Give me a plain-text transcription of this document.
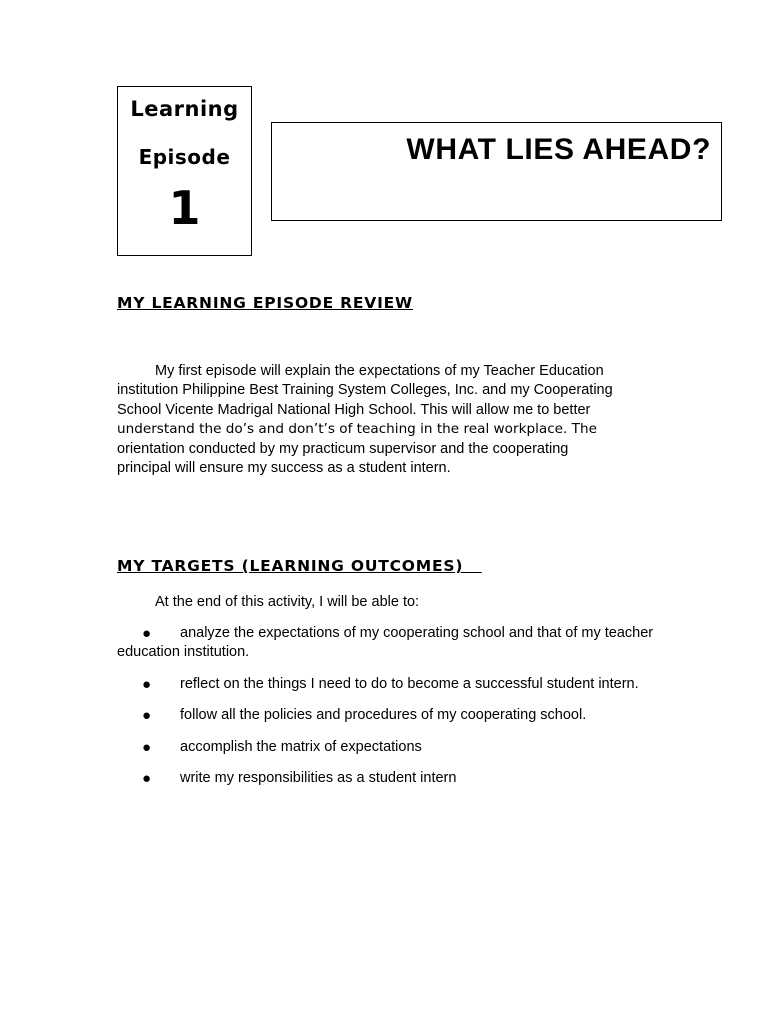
Learning
Episode
1
WHAT LIES AHEAD?
MY LEARNING EPISODE REVIEW
My first episode will explain the expectations of my Teacher Education
institution Philippine Best Training System Colleges, Inc. and my Cooperating
School Vicente Madrigal National High School. This will allow me to better
understand the do’s and don’t’s of teaching in the real workplace. The
orientation conducted by my practicum supervisor and the cooperating
principal will ensure my success as a student intern.
MY TARGETS (LEARNING OUTCOMES)
At the end of this activity, I will be able to:
●	analyze the expectations of my cooperating school and that of my teacher education institution.
●	reflect on the things I need to do to become a successful student intern.
●	follow all the policies and procedures of my cooperating school.
●	accomplish the matrix of expectations
●	write my responsibilities as a student intern
